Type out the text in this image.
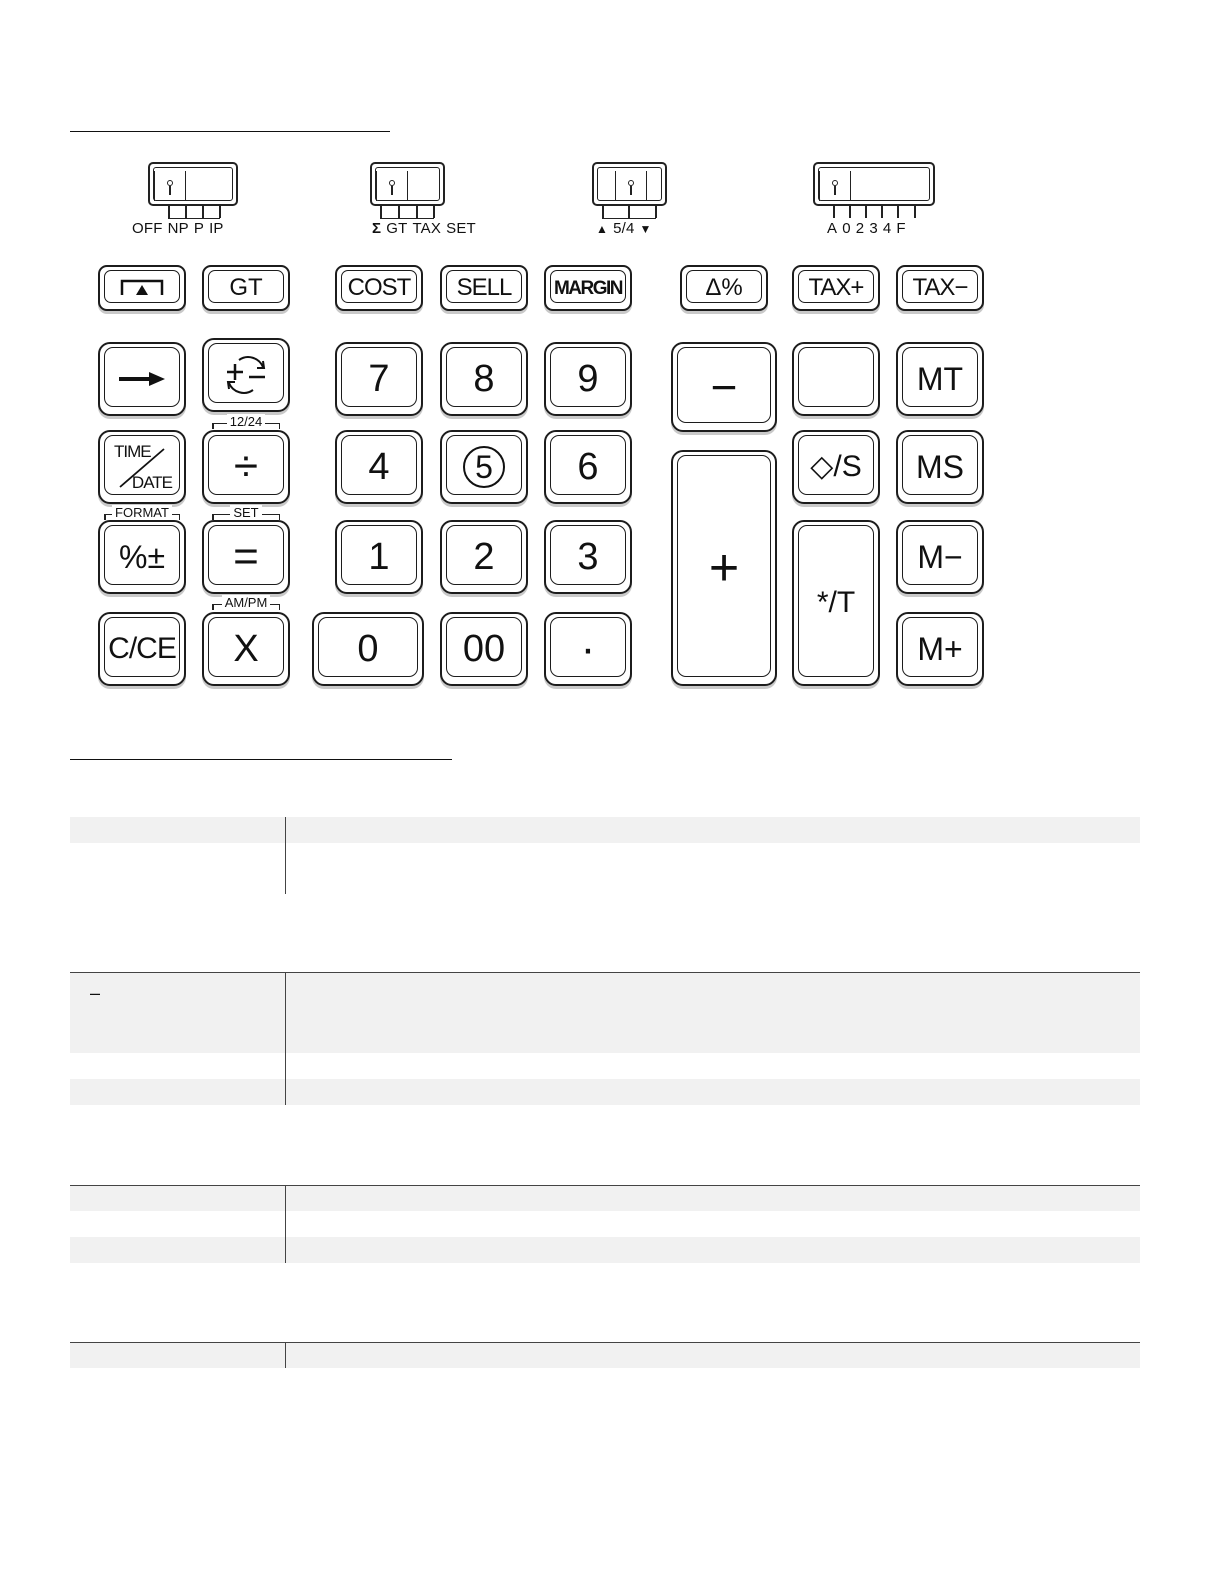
OFF NP P IP	Σ GT TAX SET	▲ 5/4 ▼	A 0 2 3 4 F
GT	COST SELL MARGIN	Δ%	TAX+ TAX−
7 8 9 −	MT
12/24
TIME
DATE ÷	4	5	6
+
◇/S MS
FORMAT	SET
%± =	1 2 3
*/T
M−
AM/PM
C/CE X	0 00 ·	M+
–
